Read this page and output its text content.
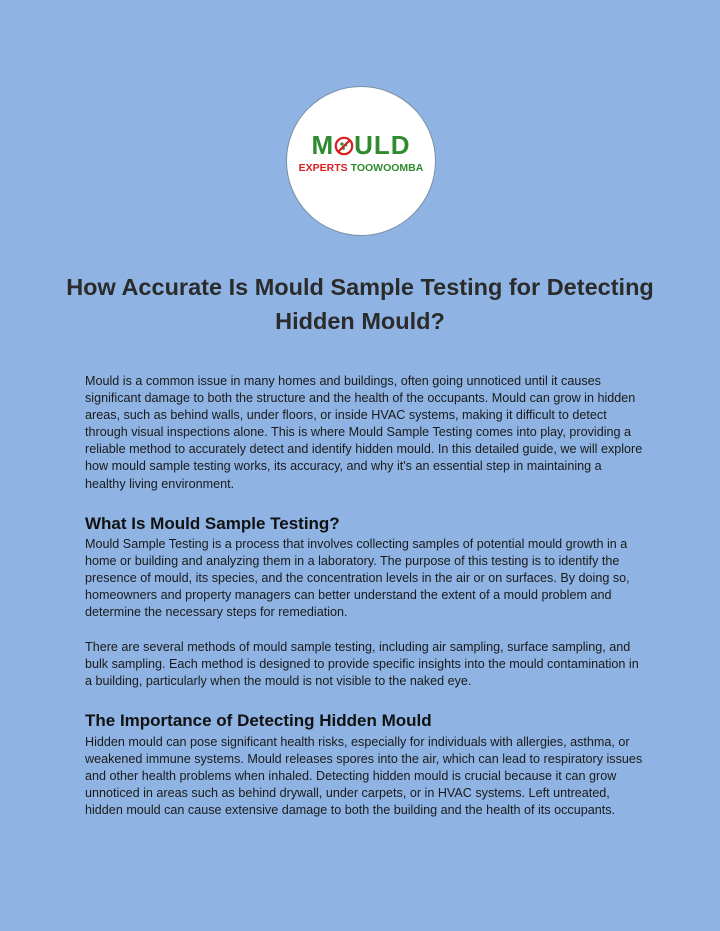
M ULD
EXPERTS TOOWOOMBA
How Accurate Is Mould Sample Testing for Detecting Hidden Mould?

Mould is a common issue in many homes and buildings, often going unnoticed until it causes significant damage to both the structure and the health of the occupants. Mould can grow in hidden areas, such as behind walls, under floors, or inside HVAC systems, making it difficult to detect through visual inspections alone. This is where Mould Sample Testing comes into play, providing a reliable method to accurately detect and identify hidden mould. In this detailed guide, we will explore how mould sample testing works, its accuracy, and why it's an essential step in maintaining a healthy living environment.

What Is Mould Sample Testing?

Mould Sample Testing is a process that involves collecting samples of potential mould growth in a home or building and analyzing them in a laboratory. The purpose of this testing is to identify the presence of mould, its species, and the concentration levels in the air or on surfaces. By doing so, homeowners and property managers can better understand the extent of a mould problem and determine the necessary steps for remediation.

There are several methods of mould sample testing, including air sampling, surface sampling, and bulk sampling. Each method is designed to provide specific insights into the mould contamination in a building, particularly when the mould is not visible to the naked eye.

The Importance of Detecting Hidden Mould

Hidden mould can pose significant health risks, especially for individuals with allergies, asthma, or weakened immune systems. Mould releases spores into the air, which can lead to respiratory issues and other health problems when inhaled. Detecting hidden mould is crucial because it can grow unnoticed in areas such as behind drywall, under carpets, or in HVAC systems. Left untreated, hidden mould can cause extensive damage to both the building and the health of its occupants.
